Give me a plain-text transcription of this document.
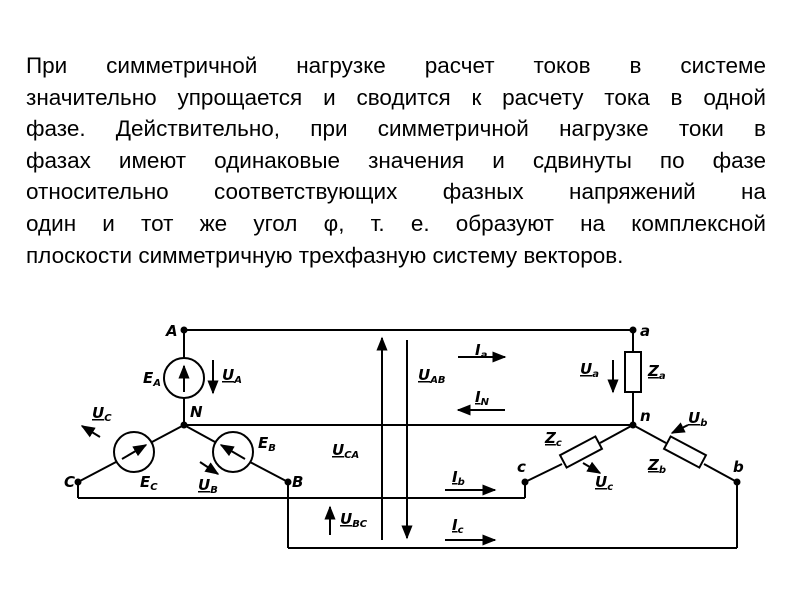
При симметричной нагрузке расчет токов в системе
значительно упрощается и сводится к расчету тока в одной
фазе. Действительно, при симметричной нагрузке токи в
фазах имеют одинаковые значения и сдвинуты по фазе
относительно соответствующих фазных напряжений на
один и тот же угол φ, т. е. образуют на комплексной
плоскости симметричную трехфазную систему векторов.
A
N
B
C
a
n
b
c
$E_A$	$U_A$
$U_C$
$E_B$
$E_C$	$U_B$
$U_{AB}$
$U_{CA}$
$U_{BC}$
$I_a$
$I_N$
$I_b$
$I_c$
$U_a$	$Z_a$
$Z_c$
$U_c$
$U_b$
$Z_b$
